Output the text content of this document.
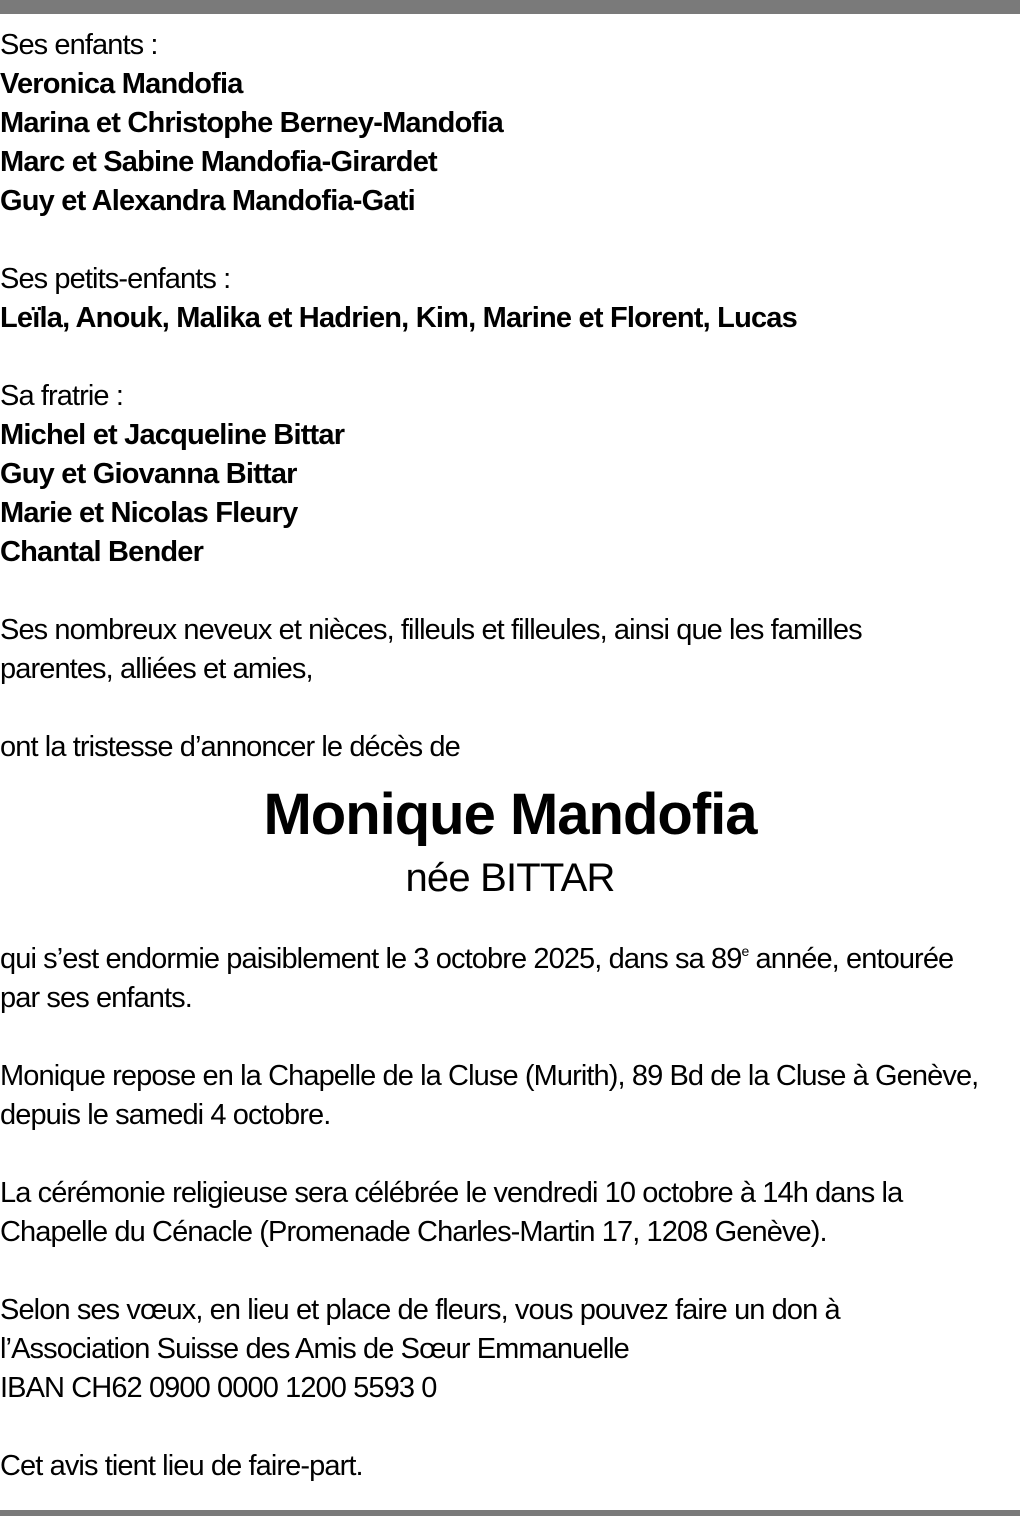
Ses enfants :
Veronica Mandofia
Marina et Christophe Berney-Mandofia
Marc et Sabine Mandofia-Girardet
Guy et Alexandra Mandofia-Gati
Ses petits-enfants :
Leïla, Anouk, Malika et Hadrien, Kim, Marine et Florent, Lucas
Sa fratrie :
Michel et Jacqueline Bittar
Guy et Giovanna Bittar
Marie et Nicolas Fleury
Chantal Bender
Ses nombreux neveux et nièces, filleuls et filleules, ainsi que les familles
parentes, alliées et amies,
ont la tristesse d’annoncer le décès de
Monique Mandofia
née BITTAR
qui s’est endormie paisiblement le 3 octobre 2025, dans sa 89e année, entourée
par ses enfants.
Monique repose en la Chapelle de la Cluse (Murith), 89 Bd de la Cluse à Genève,
depuis le samedi 4 octobre.
La cérémonie religieuse sera célébrée le vendredi 10 octobre à 14h dans la
Chapelle du Cénacle (Promenade Charles-Martin 17, 1208 Genève).
Selon ses vœux, en lieu et place de fleurs, vous pouvez faire un don à
l’Association Suisse des Amis de Sœur Emmanuelle
IBAN CH62 0900 0000 1200 5593 0
Cet avis tient lieu de faire-part.
